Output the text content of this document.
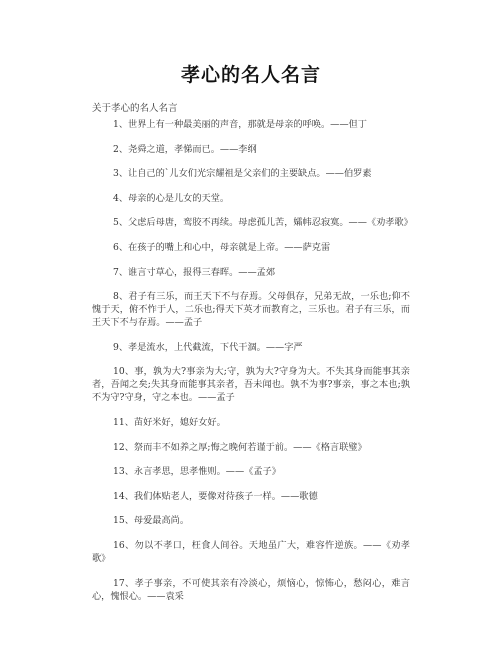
孝心的名人名言
关于孝心的名人名言

1、世界上有一种最美丽的声音，那就是母亲的呼唤。——但丁

2、尧舜之道，孝悌而已。——李纲

3、让自己的`儿女们光宗耀祖是父亲们的主要缺点。——伯罗素

4、母亲的心是儿女的天堂。

5、父虑后母唐，鸾胶不再续。母虑孤儿苦，孀帏忍寂寞。——《劝孝歌》

6、在孩子的嘴上和心中，母亲就是上帝。——萨克雷

7、谁言寸草心，报得三春晖。——孟郊

8、君子有三乐，而王天下不与存焉。父母俱存，兄弟无故，一乐也;仰不愧于天，俯不怍于人，二乐也;得天下英才而教育之，三乐也。君子有三乐，而王天下不与存焉。——孟子

9、孝是流水，上代截流，下代干涸。——字严

10、事，孰为大?事亲为大;守，孰为大?守身为大。不失其身而能事其亲者，吾闻之矣;失其身而能事其亲者，吾未闻也。孰不为事?事亲，事之本也;孰不为守?守身，守之本也。——孟子

11、苗好米好，媳好女好。

12、祭而丰不如养之厚;悔之晚何若谨于前。——《格言联璧》

13、永言孝思，思孝惟则。——《孟子》

14、我们体贴老人，要像对待孩子一样。——歌德

15、母爱最高尚。

16、勿以不孝口，枉食人间谷。天地虽广大，难容忤逆族。——《劝孝歌》

17、孝子事亲，不可使其亲有冷淡心，烦恼心，惊怖心，愁闷心，难言心，愧恨心。——袁采
